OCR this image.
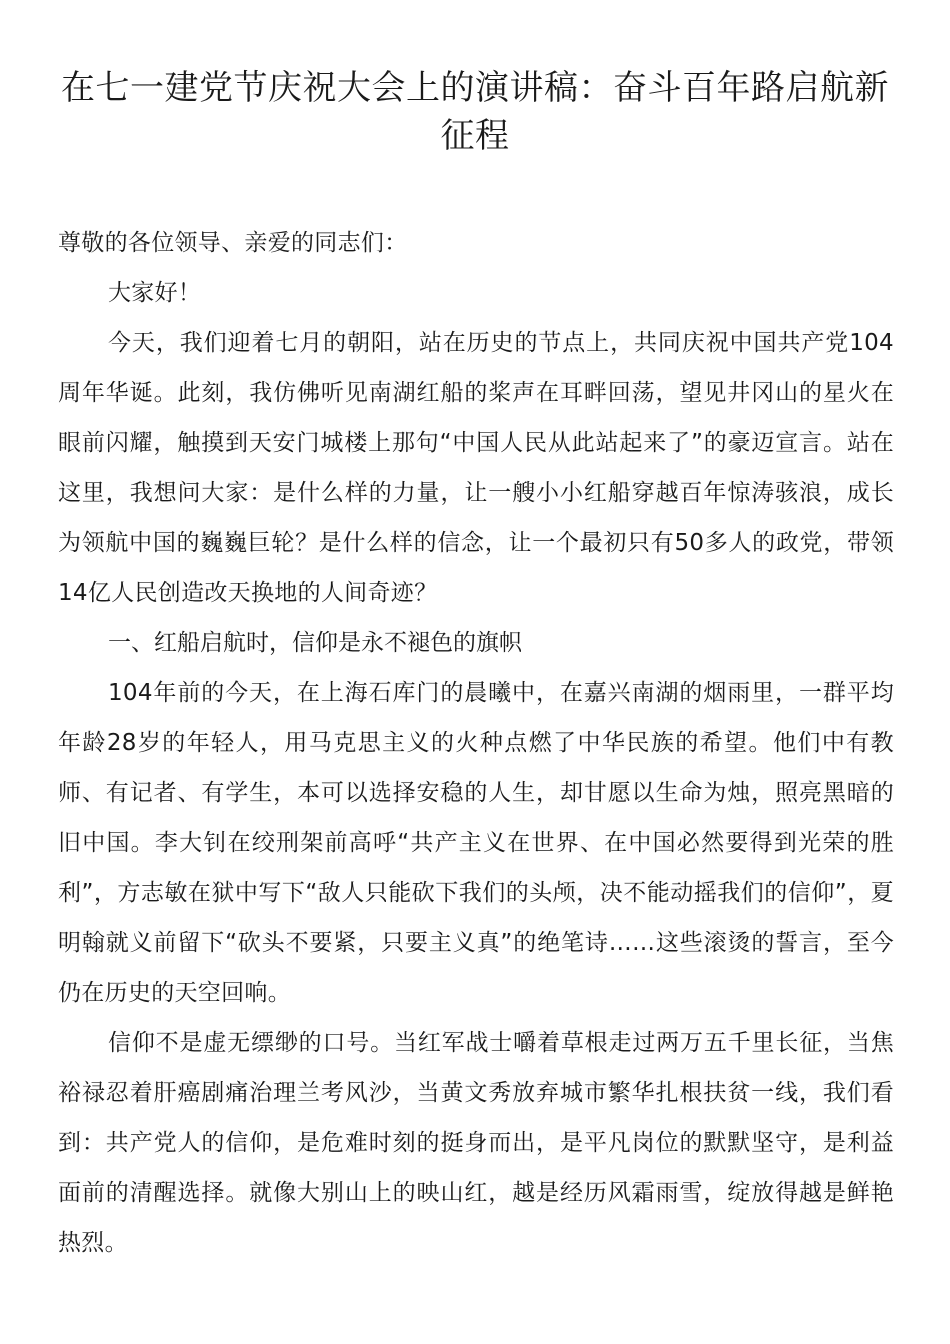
在七一建党节庆祝大会上的演讲稿：奋斗百年路启航新征程

尊敬的各位领导、亲爱的同志们：

大家好！

今天，我们迎着七月的朝阳，站在历史的节点上，共同庆祝中国共产党104周年华诞。此刻，我仿佛听见南湖红船的桨声在耳畔回荡，望见井冈山的星火在眼前闪耀，触摸到天安门城楼上那句“中国人民从此站起来了”的豪迈宣言。站在这里，我想问大家：是什么样的力量，让一艘小小红船穿越百年惊涛骇浪，成长为领航中国的巍巍巨轮？是什么样的信念，让一个最初只有50多人的政党，带领14亿人民创造改天换地的人间奇迹？

一、红船启航时，信仰是永不褪色的旗帜

104年前的今天，在上海石库门的晨曦中，在嘉兴南湖的烟雨里，一群平均年龄28岁的年轻人，用马克思主义的火种点燃了中华民族的希望。他们中有教师、有记者、有学生，本可以选择安稳的人生，却甘愿以生命为烛，照亮黑暗的旧中国。李大钊在绞刑架前高呼“共产主义在世界、在中国必然要得到光荣的胜利”，方志敏在狱中写下“敌人只能砍下我们的头颅，决不能动摇我们的信仰”，夏明翰就义前留下“砍头不要紧，只要主义真”的绝笔诗……这些滚烫的誓言，至今仍在历史的天空回响。

信仰不是虚无缥缈的口号。当红军战士嚼着草根走过两万五千里长征，当焦裕禄忍着肝癌剧痛治理兰考风沙，当黄文秀放弃城市繁华扎根扶贫一线，我们看到：共产党人的信仰，是危难时刻的挺身而出，是平凡岗位的默默坚守，是利益面前的清醒选择。就像大别山上的映山红，越是经历风霜雨雪，绽放得越是鲜艳热烈。
